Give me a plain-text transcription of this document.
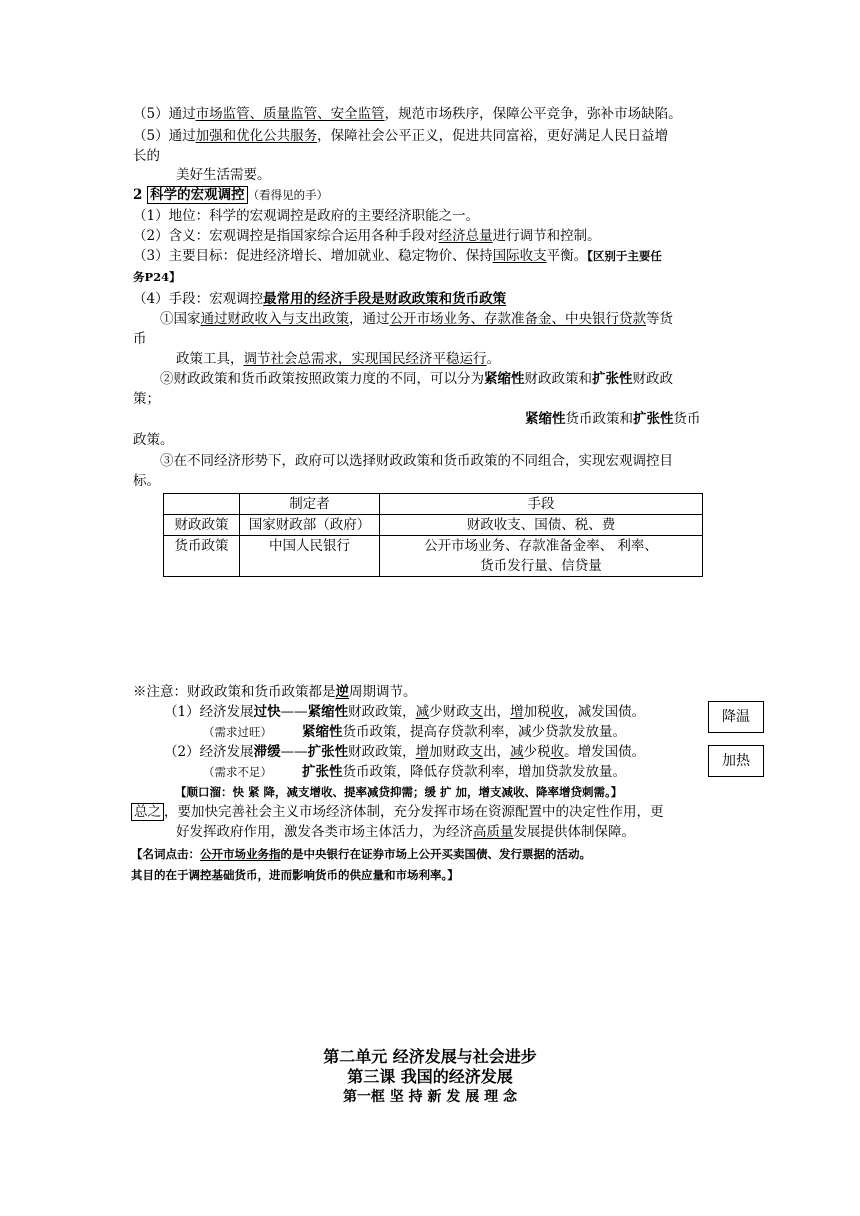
（5）通过市场监管、质量监管、安全监管，规范市场秩序，保障公平竞争，弥补市场缺陷。
（5）通过加强和优化公共服务，保障社会公平正义，促进共同富裕，更好满足人民日益增
长的
美好生活需要。
2 科学的宏观调控 （看得见的手）
（1）地位：科学的宏观调控是政府的主要经济职能之一。
（2）含义：宏观调控是指国家综合运用各种手段对经济总量进行调节和控制。
（3）主要目标：促进经济增长、增加就业、稳定物价、保持国际收支平衡。【区别于主要任
务P24】
（4）手段：宏观调控最常用的经济手段是财政政策和货币政策
①国家通过财政收入与支出政策，通过公开市场业务、存款准备金、中央银行贷款等货
币
政策工具，调节社会总需求，实现国民经济平稳运行。
②财政政策和货币政策按照政策力度的不同，可以分为紧缩性财政政策和扩张性财政政
策；
紧缩性货币政策和扩张性货币
政策。
③在不同经济形势下，政府可以选择财政政策和货币政策的不同组合，实现宏观调控目
标。
	制定者	手段
财政政策	国家财政部（政府）	财政收支、国债、税、费
货币政策	中国人民银行	公开市场业务、存款准备金率、 利率、
货币发行量、信贷量
※注意：财政政策和货币政策都是逆周期调节。
（1）经济发展过快——紧缩性财政政策，减少财政支出，增加税收，减发国债。
（需求过旺） 紧缩性货币政策，提高存贷款利率，减少贷款发放量。
（2）经济发展滞缓——扩张性财政政策，增加财政支出，减少税收。增发国债。
（需求不足） 扩张性货币政策，降低存贷款利率，增加贷款发放量。
【顺口溜：快 紧 降，减支增收、提率减贷抑需；缓 扩 加，增支减收、降率增贷刺需。】
总之 ，要加快完善社会主义市场经济体制，充分发挥市场在资源配置中的决定性作用，更
好发挥政府作用，激发各类市场主体活力，为经济高质量发展提供体制保障。
【名词点击：公开市场业务指的是中央银行在证券市场上公开买卖国债、发行票据的活动。
其目的在于调控基础货币，进而影响货币的供应量和市场利率。】
降温
加热
第二单元 经济发展与社会进步
第三课 我国的经济发展
第一框 坚 持 新 发 展 理 念
